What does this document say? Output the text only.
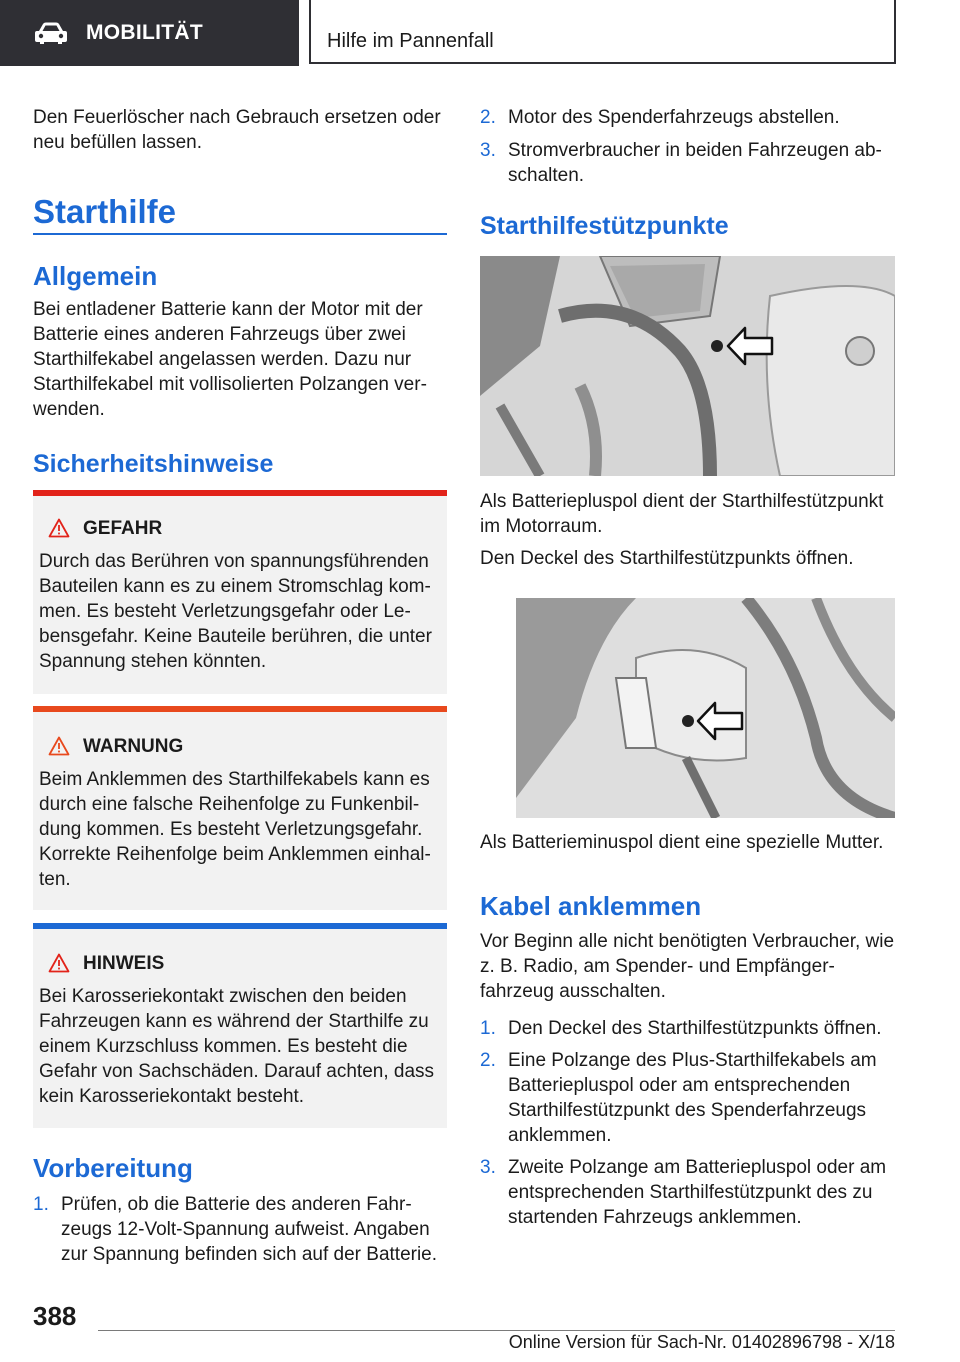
MOBILITÄT	Hilfe im Pannenfall

Den Feuerlöscher nach Gebrauch ersetzen oder neu befüllen lassen.

Starthilfe
Allgemein

Bei entladener Batterie kann der Motor mit der Batterie eines anderen Fahrzeugs über zwei Starthilfekabel angelassen werden. Dazu nur Starthilfekabel mit vollisolierten Polzangen ver-wenden.

Sicherheitshinweise
GEFAHR
Durch das Berühren von spannungsführenden Bauteilen kann es zu einem Stromschlag kom-men. Es besteht Verletzungsgefahr oder Le-bensgefahr. Keine Bauteile berühren, die unter Spannung stehen könnten.
WARNUNG
Beim Anklemmen des Starthilfekabels kann es durch eine falsche Reihenfolge zu Funkenbil-dung kommen. Es besteht Verletzungsgefahr. Korrekte Reihenfolge beim Anklemmen einhal-ten.
HINWEIS
Bei Karosseriekontakt zwischen den beiden Fahrzeugen kann es während der Starthilfe zu einem Kurzschluss kommen. Es besteht die Gefahr von Sachschäden. Darauf achten, dass kein Karosseriekontakt besteht.
Vorbereitung
1. Prüfen, ob die Batterie des anderen Fahr-zeugs 12-Volt-Spannung aufweist. Angaben zur Spannung befinden sich auf der Batterie.
2. Motor des Spenderfahrzeugs abstellen.
3. Stromverbraucher in beiden Fahrzeugen ab-schalten.
Starthilfestützpunkte

Als Batteriepluspol dient der Starthilfestützpunkt im Motorraum.

Den Deckel des Starthilfestützpunkts öffnen.

Als Batterieminuspol dient eine spezielle Mutter.

Kabel anklemmen

Vor Beginn alle nicht benötigten Verbraucher, wie z. B. Radio, am Spender- und Empfänger-fahrzeug ausschalten.

1. Den Deckel des Starthilfestützpunkts öffnen.
2. Eine Polzange des Plus-Starthilfekabels am Batteriepluspol oder am entsprechenden Starthilfestützpunkt des Spenderfahrzeugs anklemmen.
3. Zweite Polzange am Batteriepluspol oder am entsprechenden Starthilfestützpunkt des zu startenden Fahrzeugs anklemmen.
388
Online Version für Sach-Nr. 01402896798 - X/18
